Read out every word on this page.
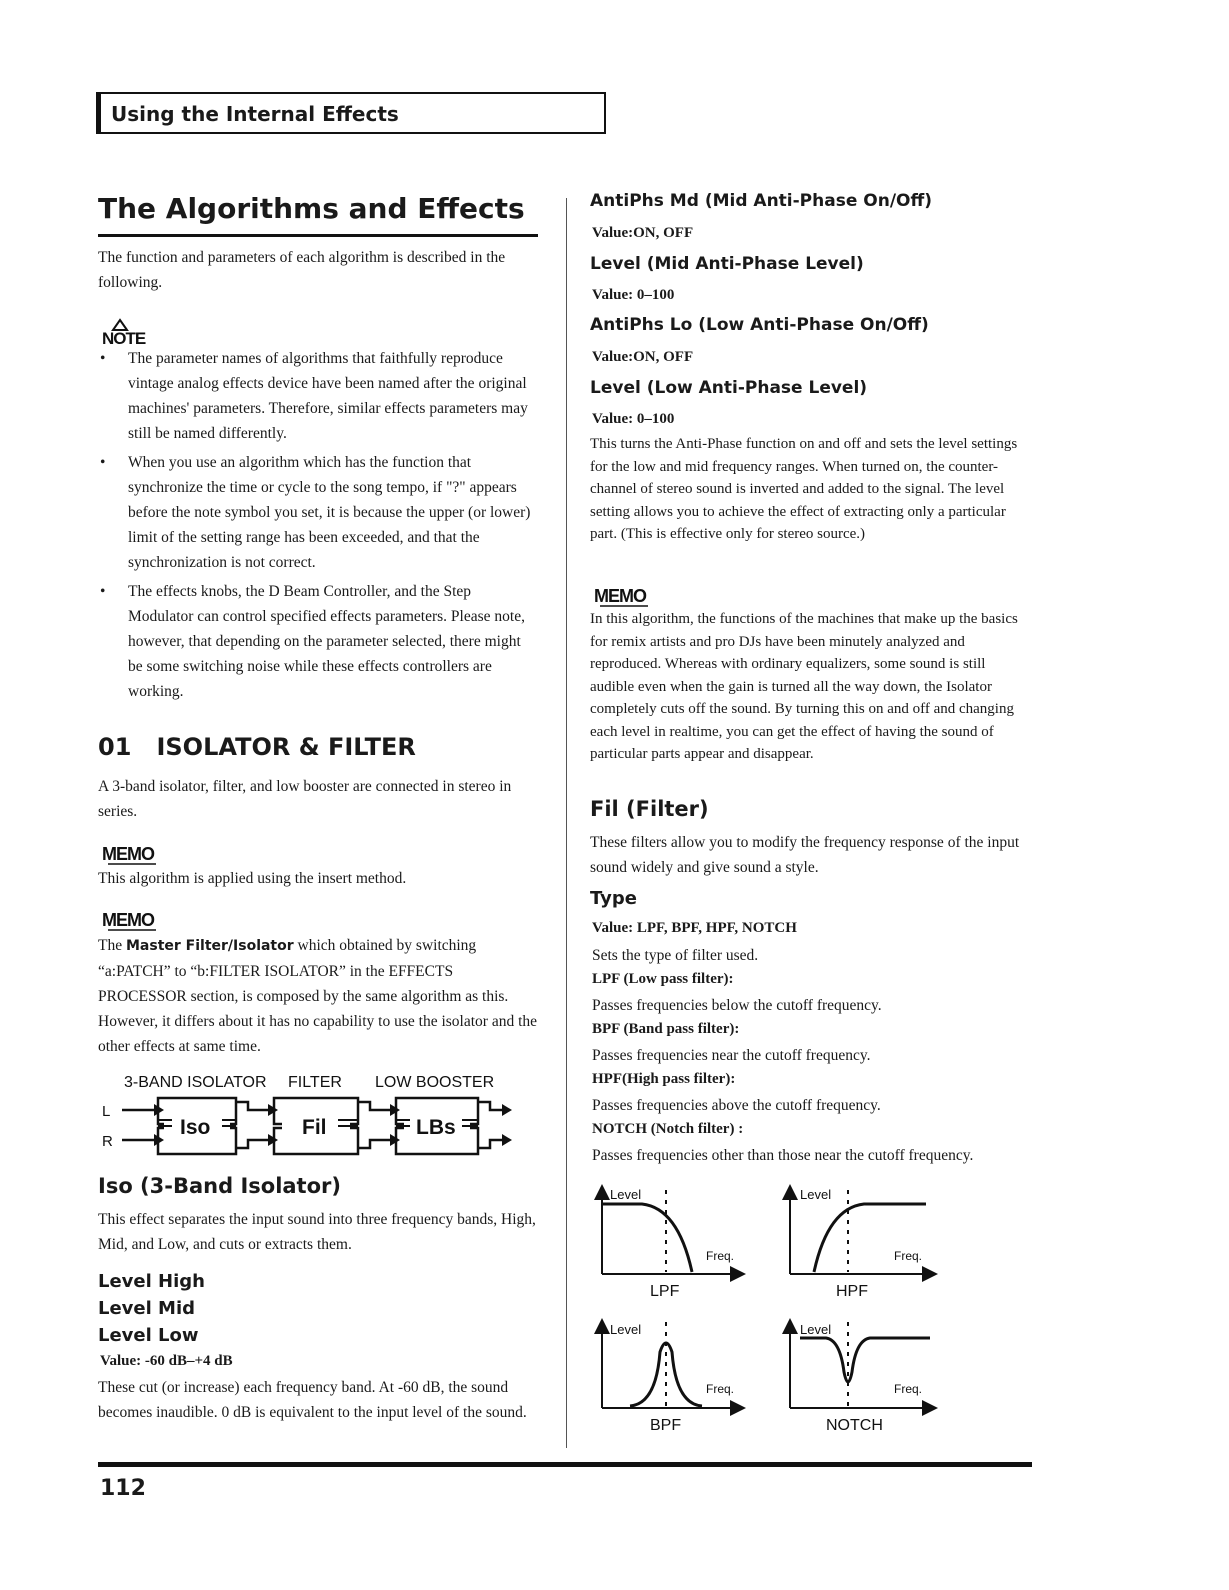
Using the Internal Effects
The Algorithms and Effects

The function and parameters of each algorithm is described in the following.

NOTE
• The parameter names of algorithms that faithfully reproduce vintage analog effects device have been named after the original machines' parameters. Therefore, similar effects parameters may still be named differently.
• When you use an algorithm which has the function that synchronize the time or cycle to the song tempo, if "?" appears before the note symbol you set, it is because the upper (or lower) limit of the setting range has been exceeded, and that the synchronization is not correct.
• The effects knobs, the D Beam Controller, and the Step Modulator can control specified effects parameters. Please note, however, that depending on the parameter selected, there might be some switching noise while these effects controllers are working.
01   ISOLATOR & FILTER

A 3-band isolator, filter, and low booster are connected in stereo in series.

MEMO

This algorithm is applied using the insert method.

MEMO

The Master Filter/Isolator which obtained by switching “a:PATCH” to “b:FILTER ISOLATOR” in the EFFECTS PROCESSOR section, is composed by the same algorithm as this. However, it differs about it has no capability to use the isolator and the other effects at same time.

3-BAND ISOLATOR FILTER LOW BOOSTER
L
R
Iso	Fil	LBs
Iso (3-Band Isolator)

This effect separates the input sound into three frequency bands, High, Mid, and Low, and cuts or extracts them.

Level High
Level Mid
Level Low
Value: -60 dB–+4 dB

These cut (or increase) each frequency band. At -60 dB, the sound becomes inaudible. 0 dB is equivalent to the input level of the sound.

AntiPhs Md (Mid Anti-Phase On/Off)
Value:ON, OFF
Level (Mid Anti-Phase Level)
Value: 0–100
AntiPhs Lo (Low Anti-Phase On/Off)
Value:ON, OFF
Level (Low Anti-Phase Level)
Value: 0–100

This turns the Anti-Phase function on and off and sets the level settings for the low and mid frequency ranges. When turned on, the counter-channel of stereo sound is inverted and added to the signal. The level setting allows you to achieve the effect of extracting only a particular part. (This is effective only for stereo source.)

MEMO

In this algorithm, the functions of the machines that make up the basics for remix artists and pro DJs have been minutely analyzed and reproduced. Whereas with ordinary equalizers, some sound is still audible even when the gain is turned all the way down, the Isolator completely cuts off the sound. By turning this on and off and changing each level in realtime, you can get the effect of having the sound of particular parts appear and disappear.

Fil (Filter)

These filters allow you to modify the frequency response of the input sound widely and give sound a style.

Type
Value: LPF, BPF, HPF, NOTCH

Sets the type of filter used.

LPF (Low pass filter):

Passes frequencies below the cutoff frequency.

BPF (Band pass filter):

Passes frequencies near the cutoff frequency.

HPF(High pass filter):

Passes frequencies above the cutoff frequency.

NOTCH (Notch filter) :

Passes frequencies other than those near the cutoff frequency.

Level
Freq.
LPF
Level
Freq.
HPF
Level
Freq.
BPF
Level
Freq.
NOTCH
112
